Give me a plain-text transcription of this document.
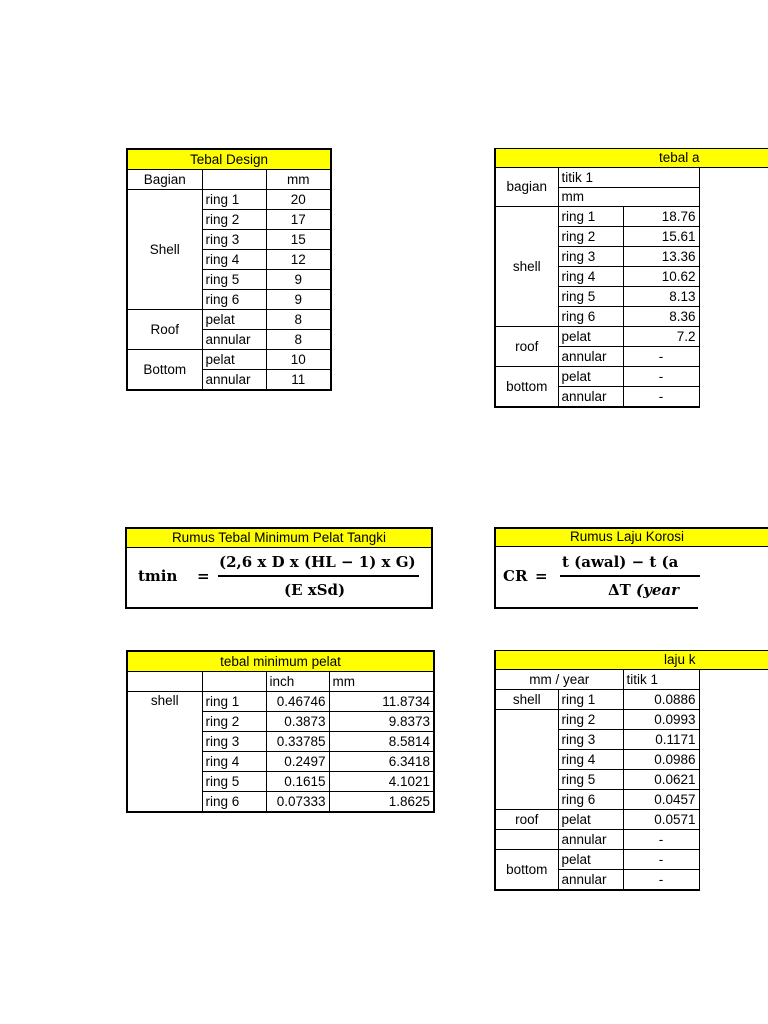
Tebal Design		
Bagian		mm
Shell	ring 1	20
	ring 2	17
	ring 3	15
	ring 4	12
	ring 5	9
	ring 6	9
Roof	pelat	8
	annular	8
Bottom	pelat	10
	annular	11
tebal a

bagian	titik 1	
	mm	
shell	ring 1	18.76
	ring 2	15.61
	ring 3	13.36
	ring 4	10.62
	ring 5	8.13
	ring 6	8.36
roof	pelat	7.2
	annular	-
bottom	pelat	-
	annular	-
Rumus Tebal Minimum Pelat Tangki
tmin =
(2,6 x D x (HL − 1) x G)
(E xSd)
Rumus Laju Korosi
CR =
t (awal) − t (a
ΔT (year
tebal minimum pelat			
		inch	mm
shell	ring 1	0.46746	11.8734
	ring 2	0.3873	9.8373
	ring 3	0.33785	8.5814
	ring 4	0.2497	6.3418
	ring 5	0.1615	4.1021
	ring 6	0.07333	1.8625
laju k

mm / year		titik 1
shell	ring 1	0.0886
	ring 2	0.0993
	ring 3	0.1171
	ring 4	0.0986
	ring 5	0.0621
	ring 6	0.0457
roof	pelat	0.0571
	annular	-
bottom	pelat	-
	annular	-
